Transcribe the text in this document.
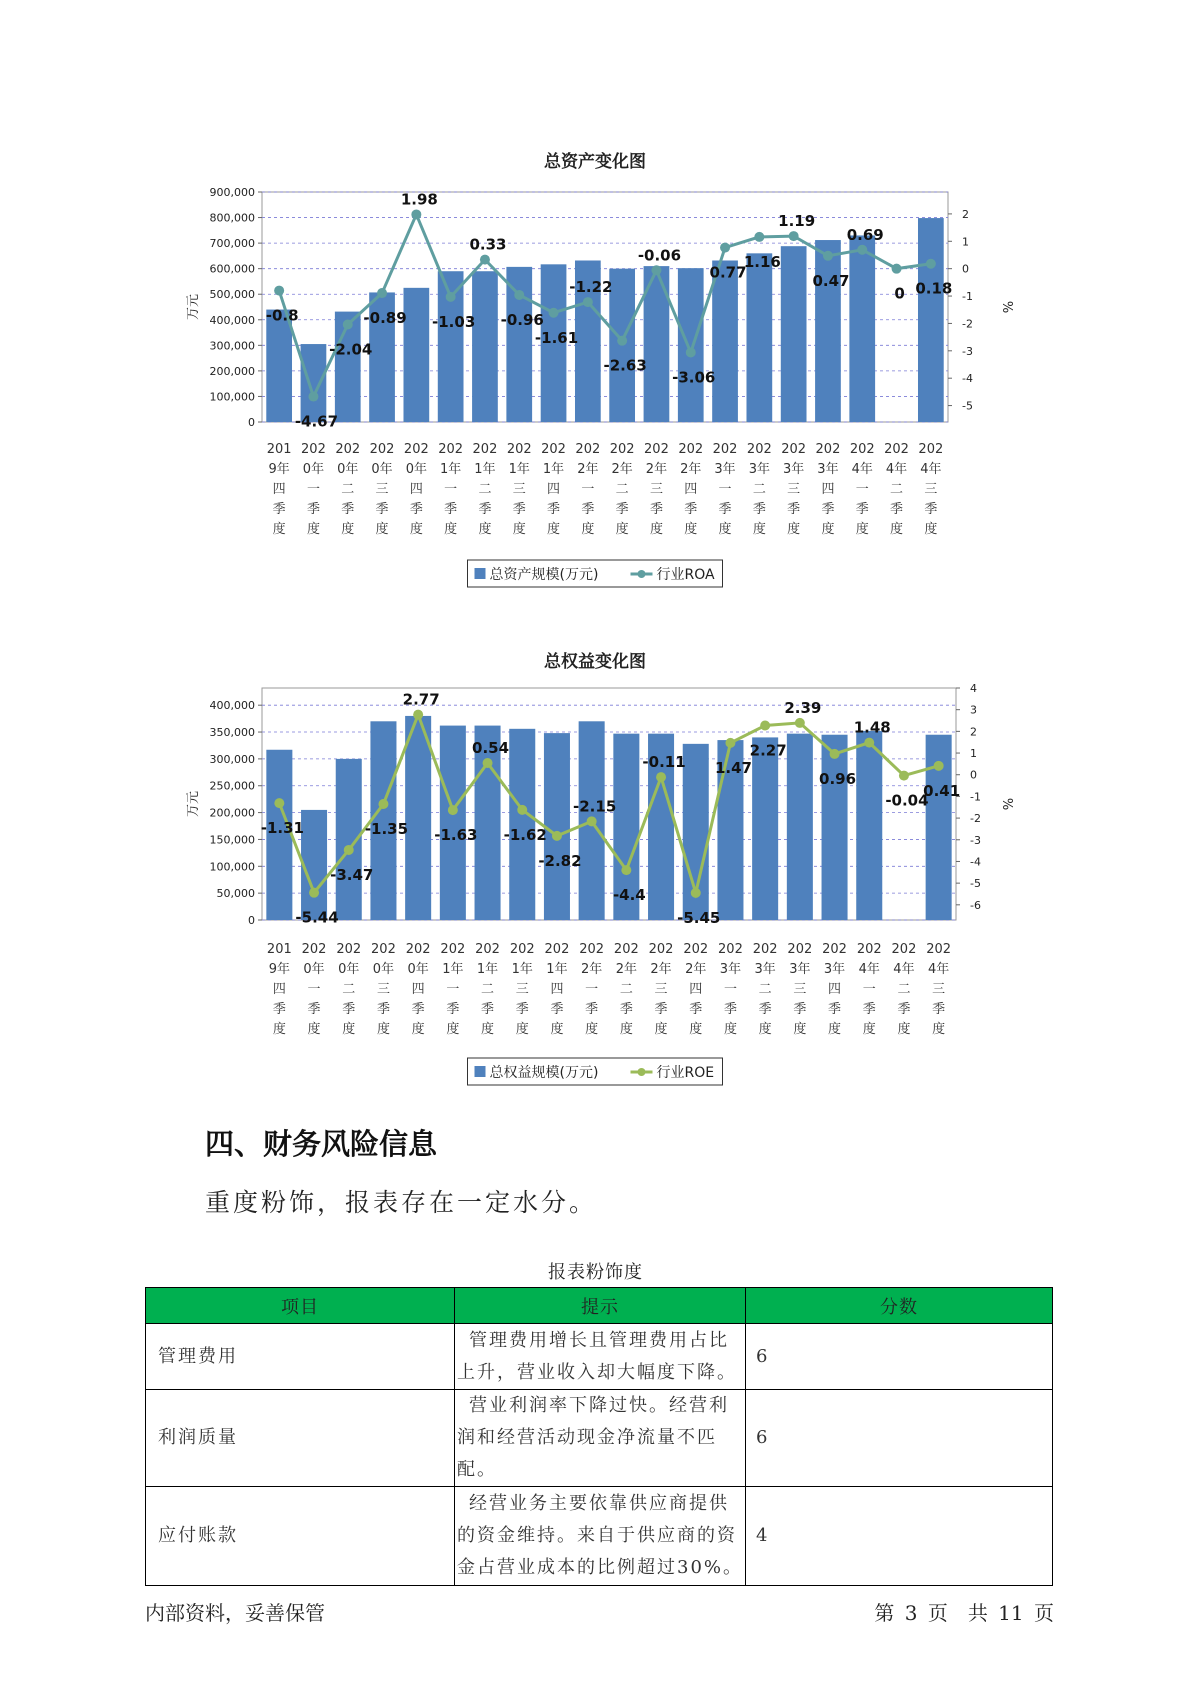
总资产变化图
0
100,000
200,000
300,000
400,000
500,000
600,000
700,000
800,000
900,000
-5
-4
-3
-2
-1
0
1
2
万元	%
-0.8
-4.67
-2.04
-0.89
1.98
-1.03
0.33
-0.96
-1.61
-1.22
-2.63
-0.06
-3.06
0.77
1.16
1.19
0.47
0.69
0 0.18
201
9年
四
季
度
202
0年
一
季
度
202
0年
二
季
度
202
0年
三
季
度
202
0年
四
季
度
202
1年
一
季
度
202
1年
二
季
度
202
1年
三
季
度
202
1年
四
季
度
202
2年
一
季
度
202
2年
二
季
度
202
2年
三
季
度
202
2年
四
季
度
202
3年
一
季
度
202
3年
二
季
度
202
3年
三
季
度
202
3年
四
季
度
202
4年
一
季
度
202
4年
二
季
度
202
4年
三
季
度
总资产规模(万元)	行业ROA
总权益变化图
0
50,000
100,000
150,000
200,000
250,000
300,000
350,000
400,000
-6
-5
-4
-3
-2
-1
0
1
2
3
4
万元	%
-1.31
-5.44
-3.47
-1.35
2.77
-1.63
0.54
-1.62
-2.82
-2.15
-4.4
-0.11
-5.45
1.47
2.27
2.39
0.96
1.48
-0.04
0.41
201
9年
四
季
度
202
0年
一
季
度
202
0年
二
季
度
202
0年
三
季
度
202
0年
四
季
度
202
1年
一
季
度
202
1年
二
季
度
202
1年
三
季
度
202
1年
四
季
度
202
2年
一
季
度
202
2年
二
季
度
202
2年
三
季
度
202
2年
四
季
度
202
3年
一
季
度
202
3年
二
季
度
202
3年
三
季
度
202
3年
四
季
度
202
4年
一
季
度
202
4年
二
季
度
202
4年
三
季
度
总权益规模(万元)	行业ROE
四、财务风险信息
重度粉饰，报表存在一定水分。
报表粉饰度
项目	提示	分数
管理费用	管理费用增长且管理费用占比上升，营业收入却大幅度下降。	6
利润质量	营业利润率下降过快。经营利润和经营活动现金净流量不匹配。	6
应付账款	经营业务主要依靠供应商提供的资金维持。来自于供应商的资金占营业成本的比例超过30%。	4
内部资料，妥善保管	第 3 页　共 11 页
